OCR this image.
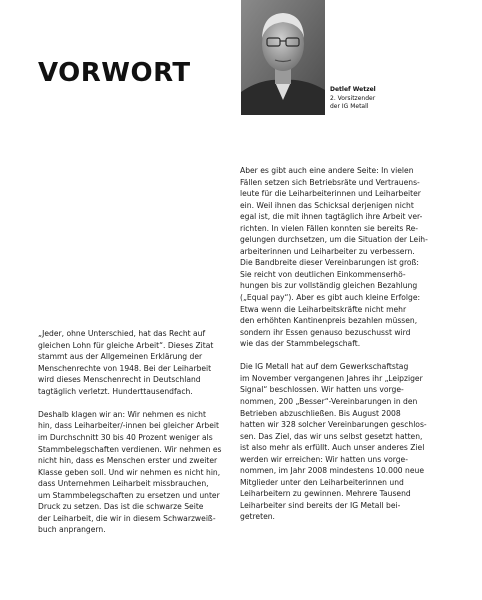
VORWORT
Detlef Wetzel
2. Vorsitzender
der IG Metall

„Jeder, ohne Unterschied, hat das Recht auf
gleichen Lohn für gleiche Arbeit“. Dieses Zitat
stammt aus der Allgemeinen Erklärung der
Menschenrechte von 1948. Bei der Leiharbeit
wird dieses Menschenrecht in Deutschland
tagtäglich verletzt. Hunderttausendfach.

Deshalb klagen wir an: Wir nehmen es nicht
hin, dass Leiharbeiter/-innen bei gleicher Arbeit
im Durchschnitt 30 bis 40 Prozent weniger als
Stammbelegschaften verdienen. Wir nehmen es
nicht hin, dass es Menschen erster und zweiter
Klasse geben soll. Und wir nehmen es nicht hin,
dass Unternehmen Leiharbeit missbrauchen,
um Stammbelegschaften zu ersetzen und unter
Druck zu setzen. Das ist die schwarze Seite
der Leiharbeit, die wir in diesem Schwarzweiß-
buch anprangern.

Aber es gibt auch eine andere Seite: In vielen
Fällen setzen sich Betriebsräte und Vertrauens-
leute für die Leiharbeiterinnen und Leiharbeiter
ein. Weil ihnen das Schicksal derjenigen nicht
egal ist, die mit ihnen tagtäglich ihre Arbeit ver-
richten. In vielen Fällen konnten sie bereits Re-
gelungen durchsetzen, um die Situation der Leih-
arbeiterinnen und Leiharbeiter zu verbessern.
Die Bandbreite dieser Vereinbarungen ist groß:
Sie reicht von deutlichen Einkommenserhö-
hungen bis zur vollständig gleichen Bezahlung
(„Equal pay“). Aber es gibt auch kleine Erfolge:
Etwa wenn die Leiharbeitskräfte nicht mehr
den erhöhten Kantinenpreis bezahlen müssen,
sondern ihr Essen genauso bezuschusst wird
wie das der Stammbelegschaft.

Die IG Metall hat auf dem Gewerkschaftstag
im November vergangenen Jahres ihr „Leipziger
Signal“ beschlossen. Wir hatten uns vorge-
nommen, 200 „Besser“-Vereinbarungen in den
Betrieben abzuschließen. Bis August 2008
hatten wir 328 solcher Vereinbarungen geschlos-
sen. Das Ziel, das wir uns selbst gesetzt hatten,
ist also mehr als erfüllt. Auch unser anderes Ziel
werden wir erreichen: Wir hatten uns vorge-
nommen, im Jahr 2008 mindestens 10.000 neue
Mitglieder unter den Leiharbeiterinnen und
Leiharbeitern zu gewinnen. Mehrere Tausend
Leiharbeiter sind bereits der IG Metall bei-
getreten.
